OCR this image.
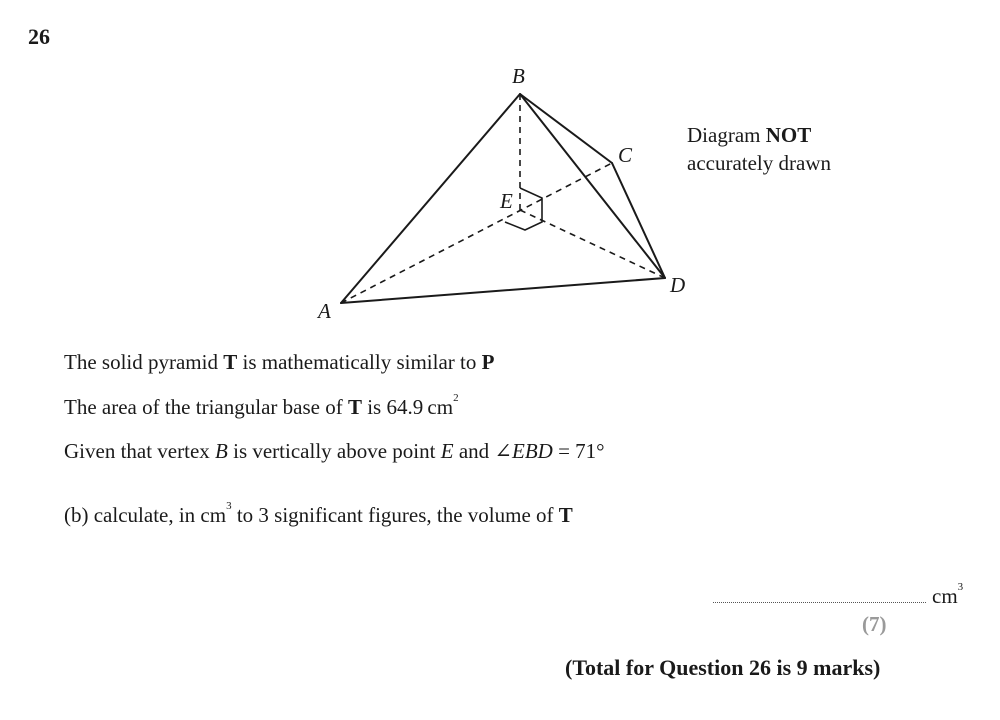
26
B
C
E
D
A
Diagram NOT
accurately drawn
The solid pyramid T is mathematically similar to P
The area of the triangular base of T is 64.9 $cm^2$
Given that vertex B is vertically above point E and ∠EBD = 71°
(b) calculate, in $cm^3$ to 3 significant figures, the volume of T
$cm^3$
(7)
(Total for Question 26 is 9 marks)
